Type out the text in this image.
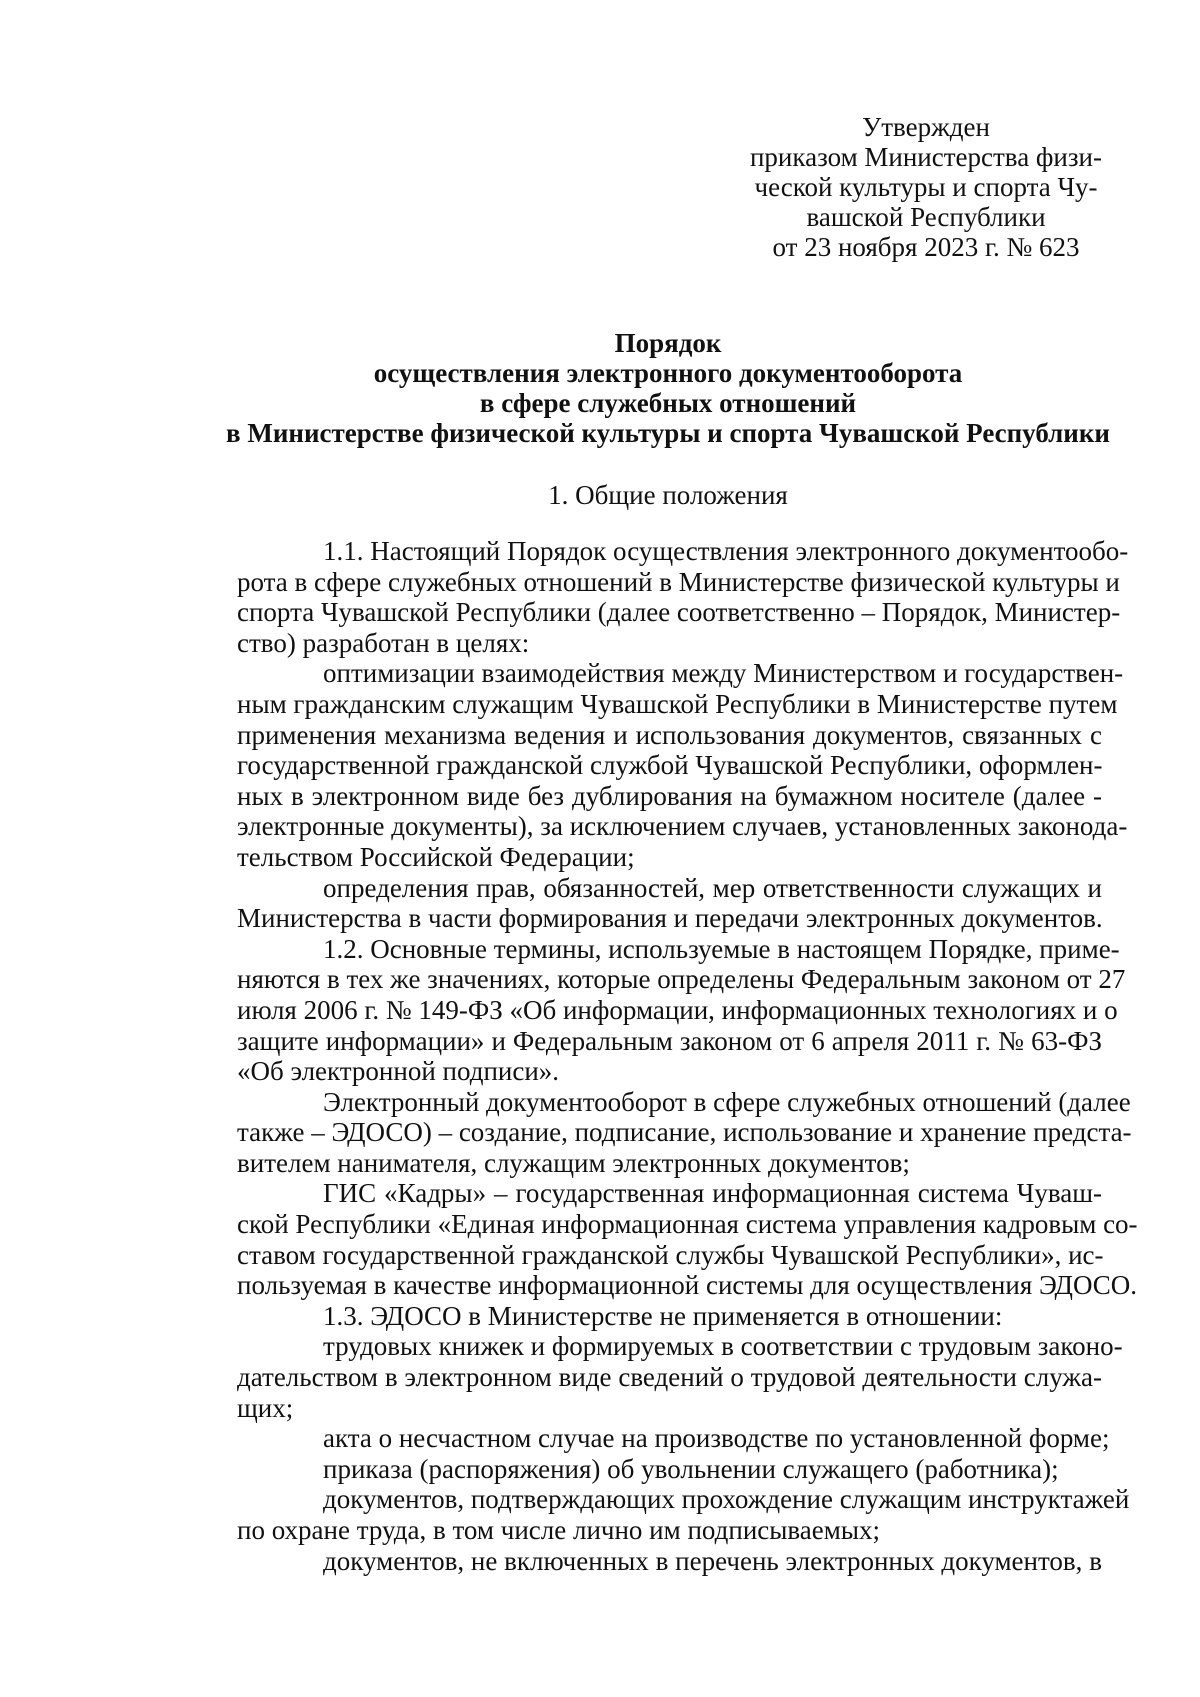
Утвержден
приказом Министерства физи-
ческой культуры и спорта Чу-
вашской Республики
от 23 ноября 2023 г. № 623
Порядок
осуществления электронного документооборота
в сфере служебных отношений
в Министерстве физической культуры и спорта Чувашской Республики
1. Общие положения
1.1. Настоящий Порядок осуществления электронного документообо-
рота в сфере служебных отношений в Министерстве физической культуры и
спорта Чувашской Республики (далее соответственно – Порядок, Министер-
ство) разработан в целях:
оптимизации взаимодействия между Министерством и государствен-
ным гражданским служащим Чувашской Республики в Министерстве путем
применения механизма ведения и использования документов, связанных с
государственной гражданской службой Чувашской Республики, оформлен-
ных в электронном виде без дублирования на бумажном носителе (далее -
электронные документы), за исключением случаев, установленных законода-
тельством Российской Федерации;
определения прав, обязанностей, мер ответственности служащих и
Министерства в части формирования и передачи электронных документов.
1.2. Основные термины, используемые в настоящем Порядке, приме-
няются в тех же значениях, которые определены Федеральным законом от 27
июля 2006 г. № 149-ФЗ «Об информации, информационных технологиях и о
защите информации» и Федеральным законом от 6 апреля 2011 г. № 63-ФЗ
«Об электронной подписи».
Электронный документооборот в сфере служебных отношений (далее
также – ЭДОСО) – создание, подписание, использование и хранение предста-
вителем нанимателя, служащим электронных документов;
ГИС «Кадры» – государственная информационная система Чуваш-
ской Республики «Единая информационная система управления кадровым со-
ставом государственной гражданской службы Чувашской Республики», ис-
пользуемая в качестве информационной системы для осуществления ЭДОСО.
1.3. ЭДОСО в Министерстве не применяется в отношении:
трудовых книжек и формируемых в соответствии с трудовым законо-
дательством в электронном виде сведений о трудовой деятельности служа-
щих;
акта о несчастном случае на производстве по установленной форме;
приказа (распоряжения) об увольнении служащего (работника);
документов, подтверждающих прохождение служащим инструктажей
по охране труда, в том числе лично им подписываемых;
документов, не включенных в перечень электронных документов, в
